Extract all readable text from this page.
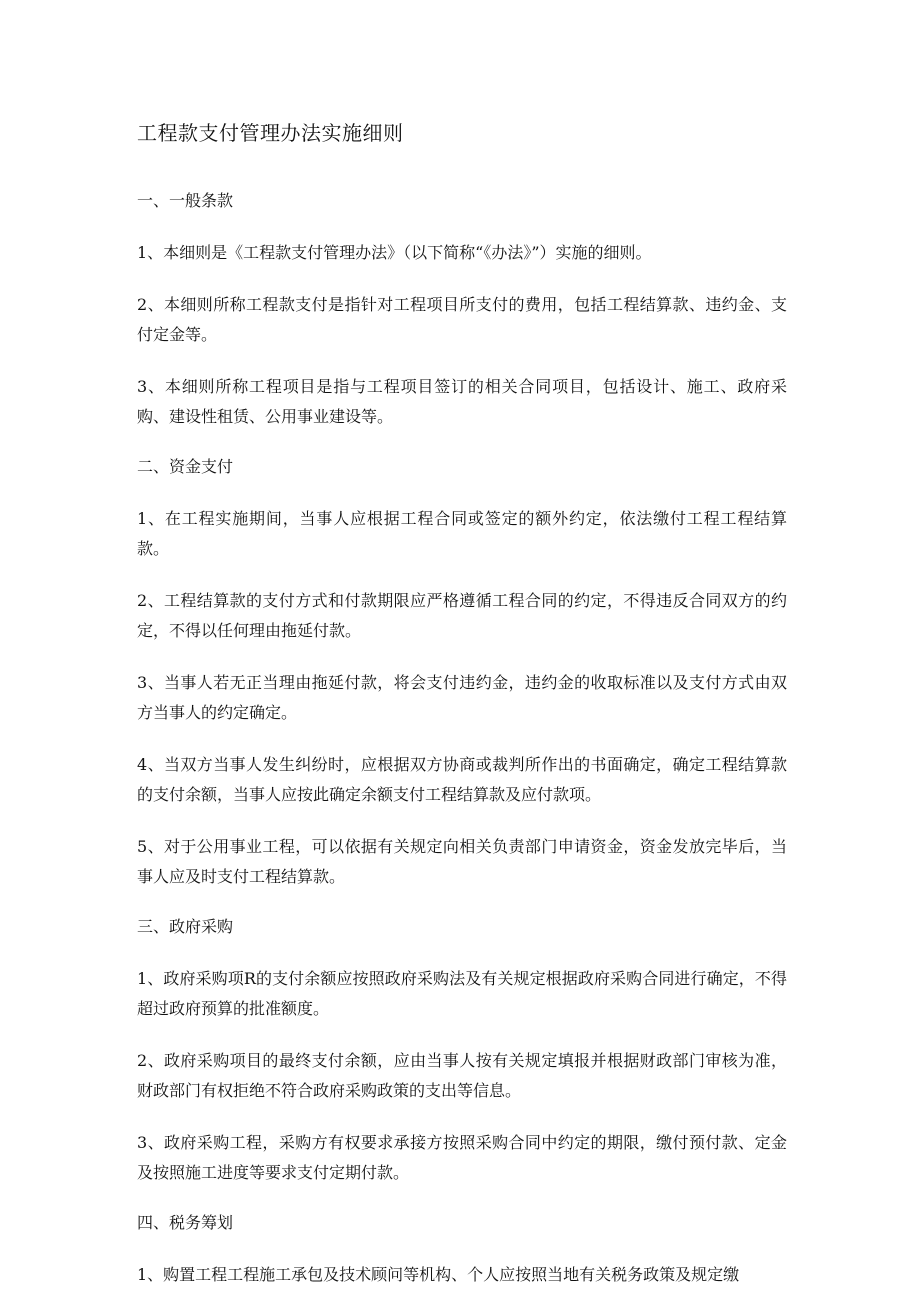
工程款支付管理办法实施细则
一、一般条款

1、本细则是《工程款支付管理办法》（以下简称“《办法》”）实施的细则。

2、本细则所称工程款支付是指针对工程项目所支付的费用，包括工程结算款、违约金、支付定金等。

3、本细则所称工程项目是指与工程项目签订的相关合同项目，包括设计、施工、政府采购、建设性租赁、公用事业建设等。

二、资金支付

1、在工程实施期间，当事人应根据工程合同或签定的额外约定，依法缴付工程工程结算款。

2、工程结算款的支付方式和付款期限应严格遵循工程合同的约定，不得违反合同双方的约定，不得以任何理由拖延付款。

3、当事人若无正当理由拖延付款，将会支付违约金，违约金的收取标准以及支付方式由双方当事人的约定确定。

4、当双方当事人发生纠纷时，应根据双方协商或裁判所作出的书面确定，确定工程结算款的支付余额，当事人应按此确定余额支付工程结算款及应付款项。

5、对于公用事业工程，可以依据有关规定向相关负责部门申请资金，资金发放完毕后，当事人应及时支付工程结算款。

三、政府采购

1、政府采购项R的支付余额应按照政府采购法及有关规定根据政府采购合同进行确定，不得超过政府预算的批准额度。

2、政府采购项目的最终支付余额，应由当事人按有关规定填报并根据财政部门审核为准，财政部门有权拒绝不符合政府采购政策的支出等信息。

3、政府采购工程，采购方有权要求承接方按照采购合同中约定的期限，缴付预付款、定金及按照施工进度等要求支付定期付款。

四、税务筹划

1、购置工程工程施工承包及技术顾问等机构、个人应按照当地有关税务政策及规定缴
